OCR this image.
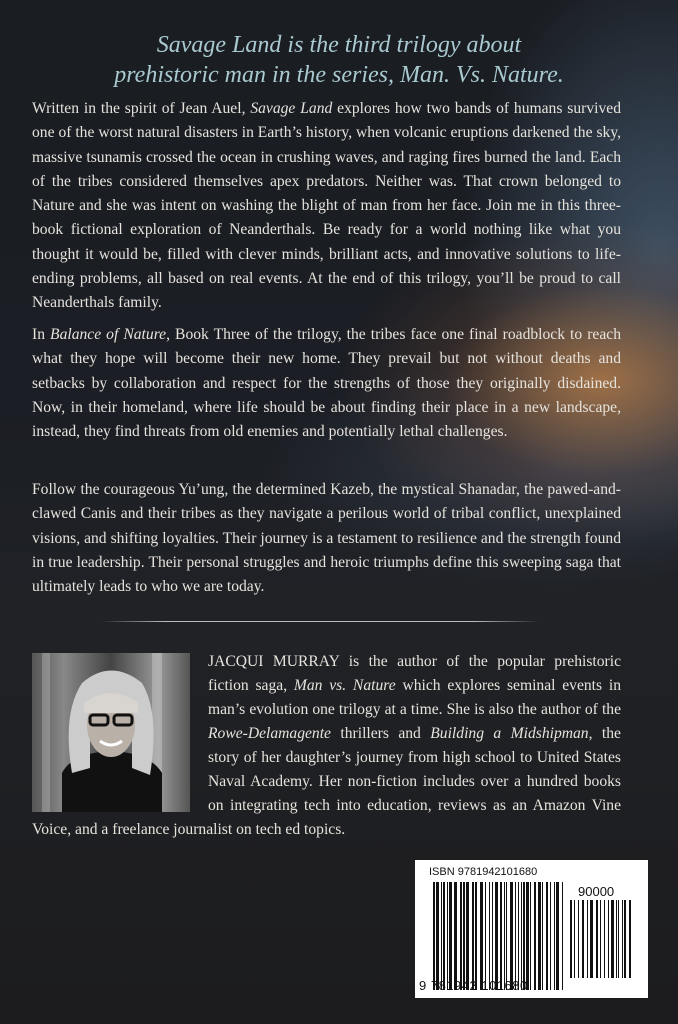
Savage Land is the third trilogy about
prehistoric man in the series, Man. Vs. Nature.

Written in the spirit of Jean Auel, Savage Land explores how two bands of humans survived one of the worst natural disasters in Earth’s history, when volcanic eruptions darkened the sky, massive tsunamis crossed the ocean in crushing waves, and raging fires burned the land. Each of the tribes considered themselves apex predators. Neither was. That crown belonged to Nature and she was intent on washing the blight of man from her face. Join me in this three-book fictional exploration of Neanderthals. Be ready for a world nothing like what you thought it would be, filled with clever minds, brilliant acts, and innovative solutions to life-ending problems, all based on real events. At the end of this trilogy, you’ll be proud to call Neanderthals family.

In Balance of Nature, Book Three of the trilogy, the tribes face one final roadblock to reach what they hope will become their new home. They prevail but not without deaths and setbacks by collaboration and respect for the strengths of those they originally disdained. Now, in their homeland, where life should be about finding their place in a new landscape, instead, they find threats from old enemies and potentially lethal challenges.

Follow the courageous Yu’ung, the determined Kazeb, the mystical Shanadar, the pawed-and-clawed Canis and their tribes as they navigate a perilous world of tribal conflict, unexplained visions, and shifting loyalties. Their journey is a testament to resilience and the strength found in true leadership. Their personal struggles and heroic triumphs define this sweeping saga that ultimately leads to who we are today.

JACQUI MURRAY is the author of the popular prehistoric fiction saga, Man vs. Nature which explores seminal events in man’s evolution one trilogy at a time. She is also the author of the Rowe-Delamagente thrillers and Building a Midshipman, the story of her daughter’s journey from high school to United States Naval Academy. Her non-fiction includes over a hundred books on integrating tech into education, reviews as an Amazon Vine Voice, and a freelance journalist on tech ed topics.
ISBN 9781942101680
90000
9 781942 101680
